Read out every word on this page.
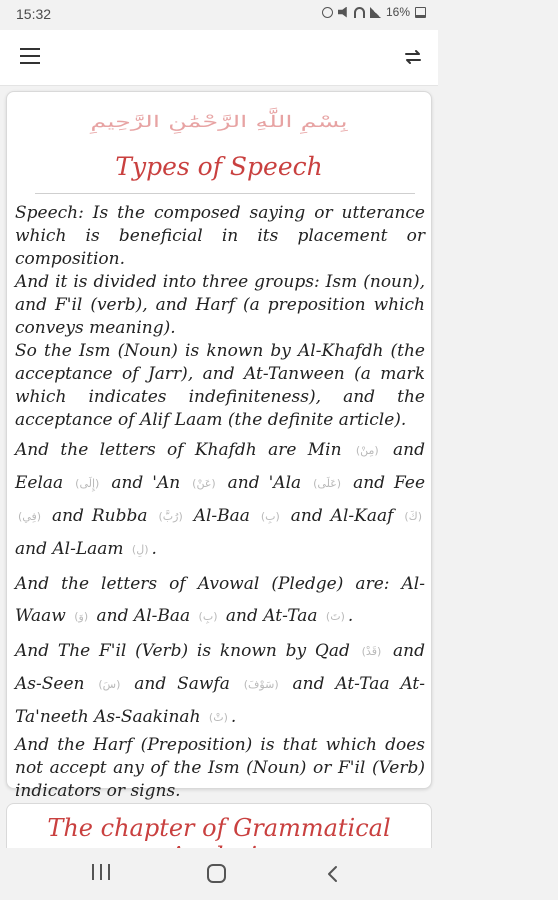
15:32	16%
بِسْمِ اللَّهِ الرَّحْمَٰنِ الرَّحِيمِ
Types of Speech

Speech: Is the composed saying or utterance which is beneficial in its placement or composition.

And it is divided into three groups: Ism (noun), and F'il (verb), and Harf (a preposition which conveys meaning).

So the Ism (Noun) is known by Al-Khafdh (the acceptance of Jarr), and At-Tanween (a mark which indicates indefiniteness), and the acceptance of Alif Laam (the definite article).

And the letters of Khafdh are Min (مِنْ) and Eelaa (إِلَى) and 'An (عَنْ) and 'Ala (عَلَى) and Fee (فِي) and Rubba (رُبَّ) Al-Baa (بِ) and Al-Kaaf (كَ) and Al-Laam (لِ) .

And the letters of Avowal (Pledge) are: Al-Waaw (وَ) and Al-Baa (بِ) and At-Taa (تَ) .

And The F'il (Verb) is known by Qad (قَدْ) and As-Seen (سَ) and Sawfa (سَوْفَ) and At-Taa At-Ta'neeth As-Saakinah (تْ) .

And the Harf (Preposition) is that which does not accept any of the Ism (Noun) or F'il (Verb) indicators or signs.

The chapter of Grammatical
